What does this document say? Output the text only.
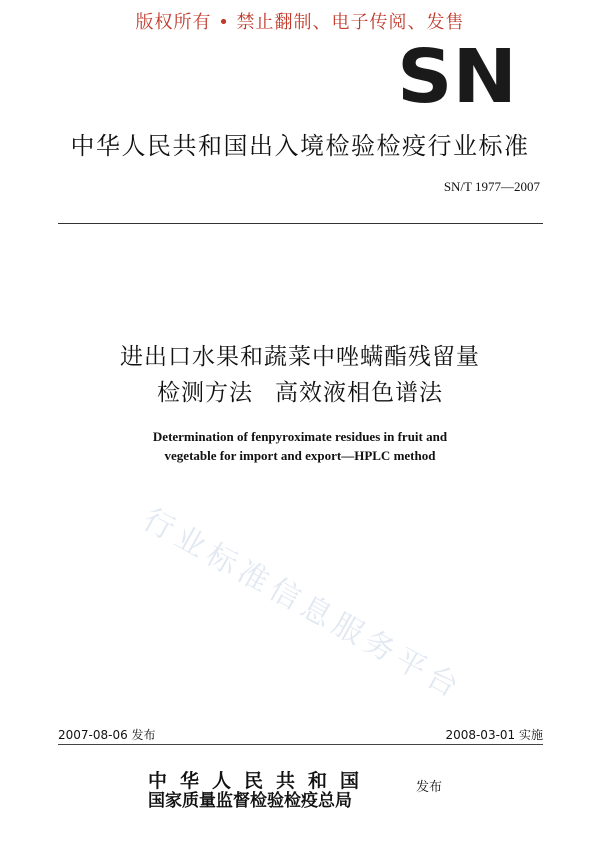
版权所有 • 禁止翻制、电子传阅、发售
SN
中华人民共和国出入境检验检疫行业标准
SN/T 1977—2007
进出口水果和蔬菜中唑螨酯残留量
检测方法 高效液相色谱法
Determination of fenpyroximate residues in fruit and
vegetable for import and export—HPLC method
行业标准信息服务平台
2007-08-06 发布	2008-03-01 实施
中华人民共和国
国家质量监督检验检疫总局
发布
